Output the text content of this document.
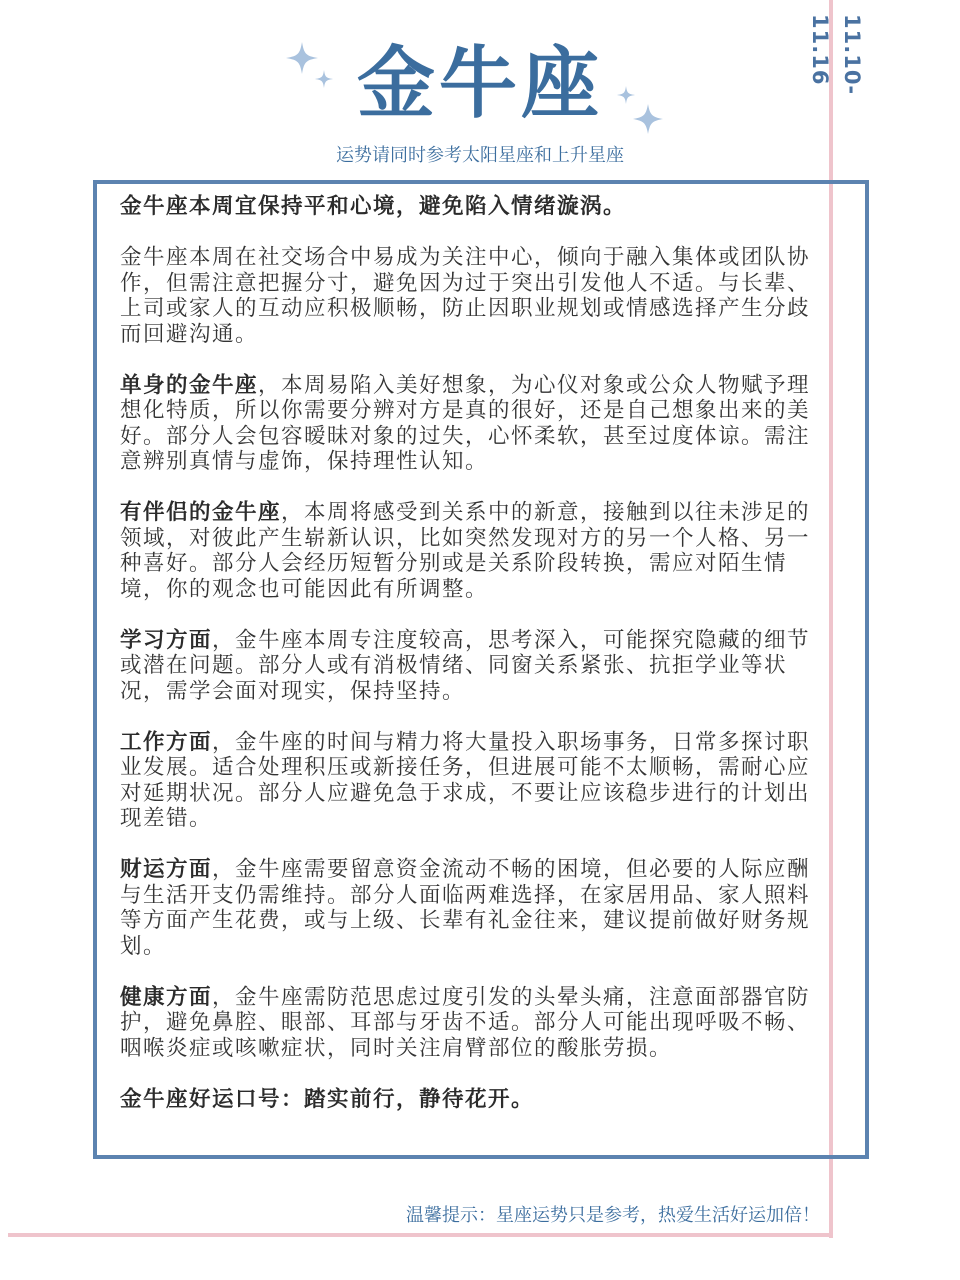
11.10-11.16
金牛座
运势请同时参考太阳星座和上升星座

金牛座本周宜保持平和心境，避免陷入情绪漩涡。

金牛座本周在社交场合中易成为关注中心，倾向于融入集体或团队协作，但需注意把握分寸，避免因为过于突出引发他人不适。与长辈、上司或家人的互动应积极顺畅，防止因职业规划或情感选择产生分歧而回避沟通。

单身的金牛座，本周易陷入美好想象，为心仪对象或公众人物赋予理想化特质，所以你需要分辨对方是真的很好，还是自己想象出来的美好。部分人会包容暧昧对象的过失，心怀柔软，甚至过度体谅。需注意辨别真情与虚饰，保持理性认知。

有伴侣的金牛座，本周将感受到关系中的新意，接触到以往未涉足的领域，对彼此产生崭新认识，比如突然发现对方的另一个人格、另一种喜好。部分人会经历短暂分别或是关系阶段转换，需应对陌生情境，你的观念也可能因此有所调整。

学习方面，金牛座本周专注度较高，思考深入，可能探究隐藏的细节或潜在问题。部分人或有消极情绪、同窗关系紧张、抗拒学业等状况，需学会面对现实，保持坚持。

工作方面，金牛座的时间与精力将大量投入职场事务，日常多探讨职业发展。适合处理积压或新接任务，但进展可能不太顺畅，需耐心应对延期状况。部分人应避免急于求成，不要让应该稳步进行的计划出现差错。

财运方面，金牛座需要留意资金流动不畅的困境，但必要的人际应酬与生活开支仍需维持。部分人面临两难选择，在家居用品、家人照料等方面产生花费，或与上级、长辈有礼金往来，建议提前做好财务规划。

健康方面，金牛座需防范思虑过度引发的头晕头痛，注意面部器官防护，避免鼻腔、眼部、耳部与牙齿不适。部分人可能出现呼吸不畅、咽喉炎症或咳嗽症状，同时关注肩臂部位的酸胀劳损。

金牛座好运口号：踏实前行，静待花开。

温馨提示：星座运势只是参考，热爱生活好运加倍！
